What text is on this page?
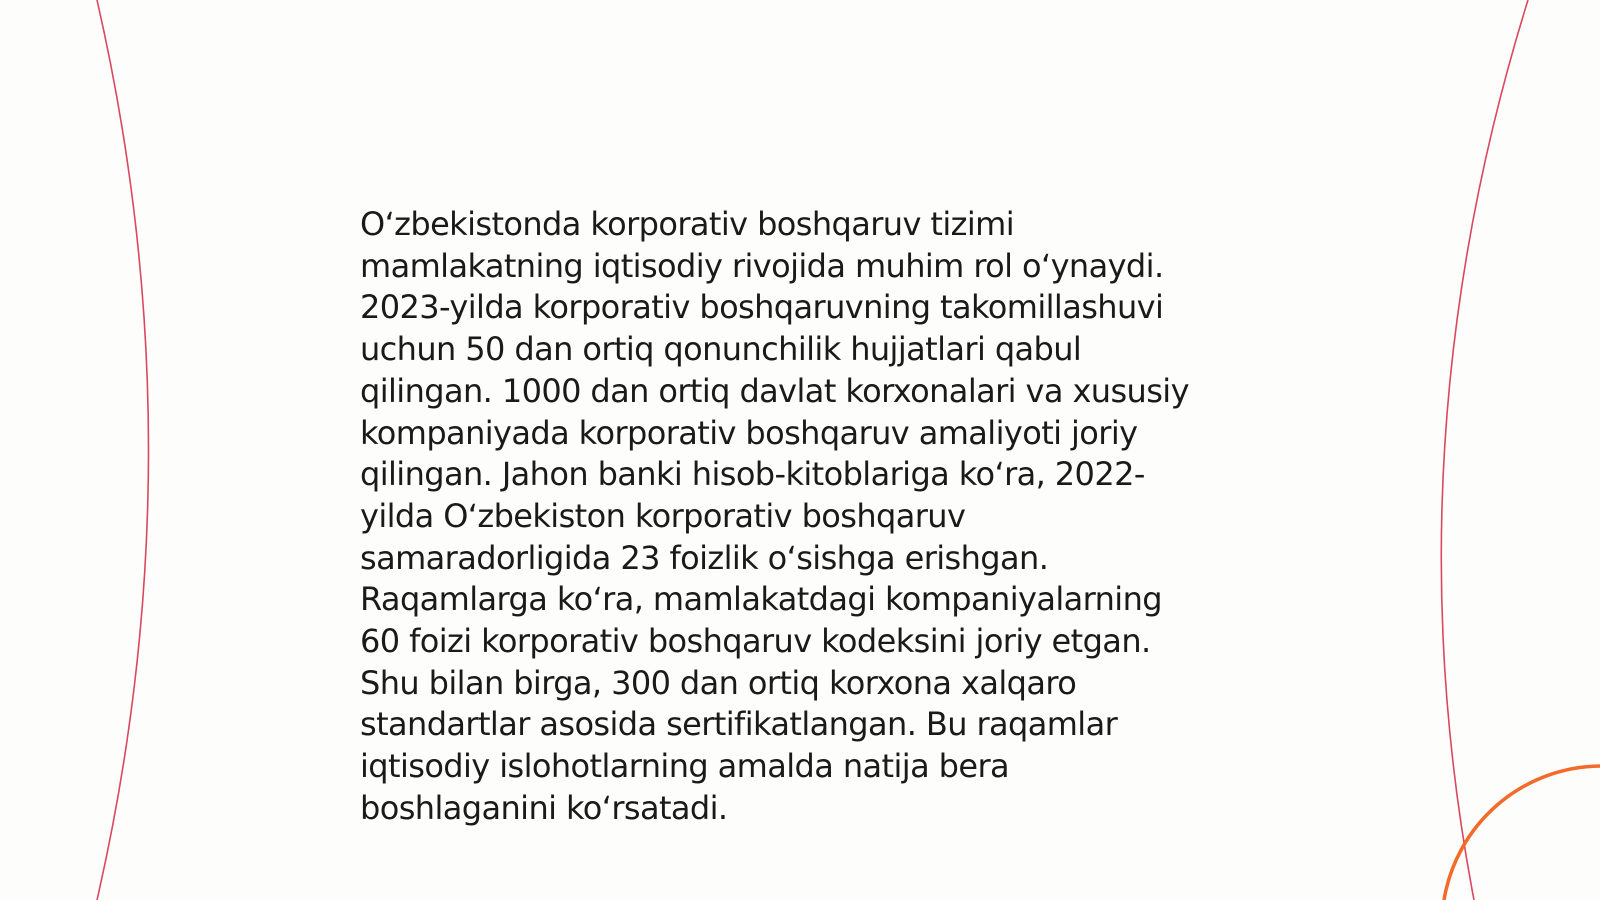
O‘zbekistonda korporativ boshqaruv tizimi
mamlakatning iqtisodiy rivojida muhim rol o‘ynaydi.
2023-yilda korporativ boshqaruvning takomillashuvi
uchun 50 dan ortiq qonunchilik hujjatlari qabul
qilingan. 1000 dan ortiq davlat korxonalari va xususiy
kompaniyada korporativ boshqaruv amaliyoti joriy
qilingan. Jahon banki hisob-kitoblariga ko‘ra, 2022-
yilda O‘zbekiston korporativ boshqaruv
samaradorligida 23 foizlik o‘sishga erishgan.
Raqamlarga ko‘ra, mamlakatdagi kompaniyalarning
60 foizi korporativ boshqaruv kodeksini joriy etgan.
Shu bilan birga, 300 dan ortiq korxona xalqaro
standartlar asosida sertifikatlangan. Bu raqamlar
iqtisodiy islohotlarning amalda natija bera
boshlaganini ko‘rsatadi.
